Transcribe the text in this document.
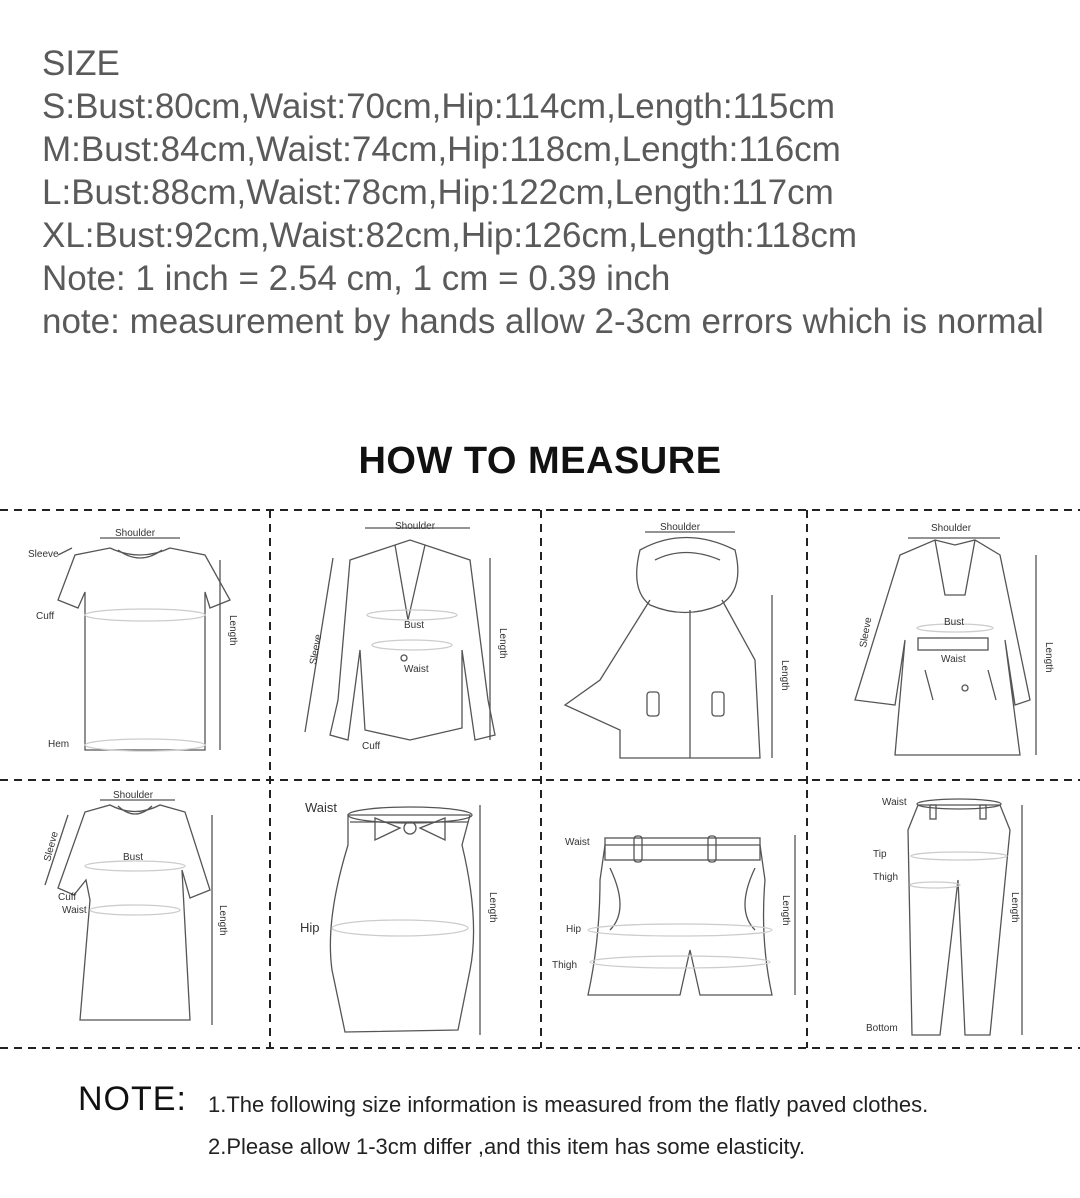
SIZE
S:Bust:80cm,Waist:70cm,Hip:114cm,Length:115cm
M:Bust:84cm,Waist:74cm,Hip:118cm,Length:116cm
L:Bust:88cm,Waist:78cm,Hip:122cm,Length:117cm
XL:Bust:92cm,Waist:82cm,Hip:126cm,Length:118cm
Note: 1 inch = 2.54 cm, 1 cm = 0.39 inch
note: measurement by hands allow 2-3cm errors which is normal
HOW TO MEASURE
Shoulder
Sleeve
Cuff
Hem
Length
Shoulder
Bust
Waist
Cuff
Sleeve	Length
Shoulder
Length
Shoulder
Bust
Waist
Sleeve
Length
Shoulder
Bust
Cuff
Waist
Sleeve
Length
Waist
Hip
Length
Waist
Hip
Thigh
Length
Waist
Tip
Thigh
Bottom
Length
NOTE: 1.The following size information is measured from the flatly paved clothes.
2.Please allow 1-3cm differ ,and this item has some elasticity.
